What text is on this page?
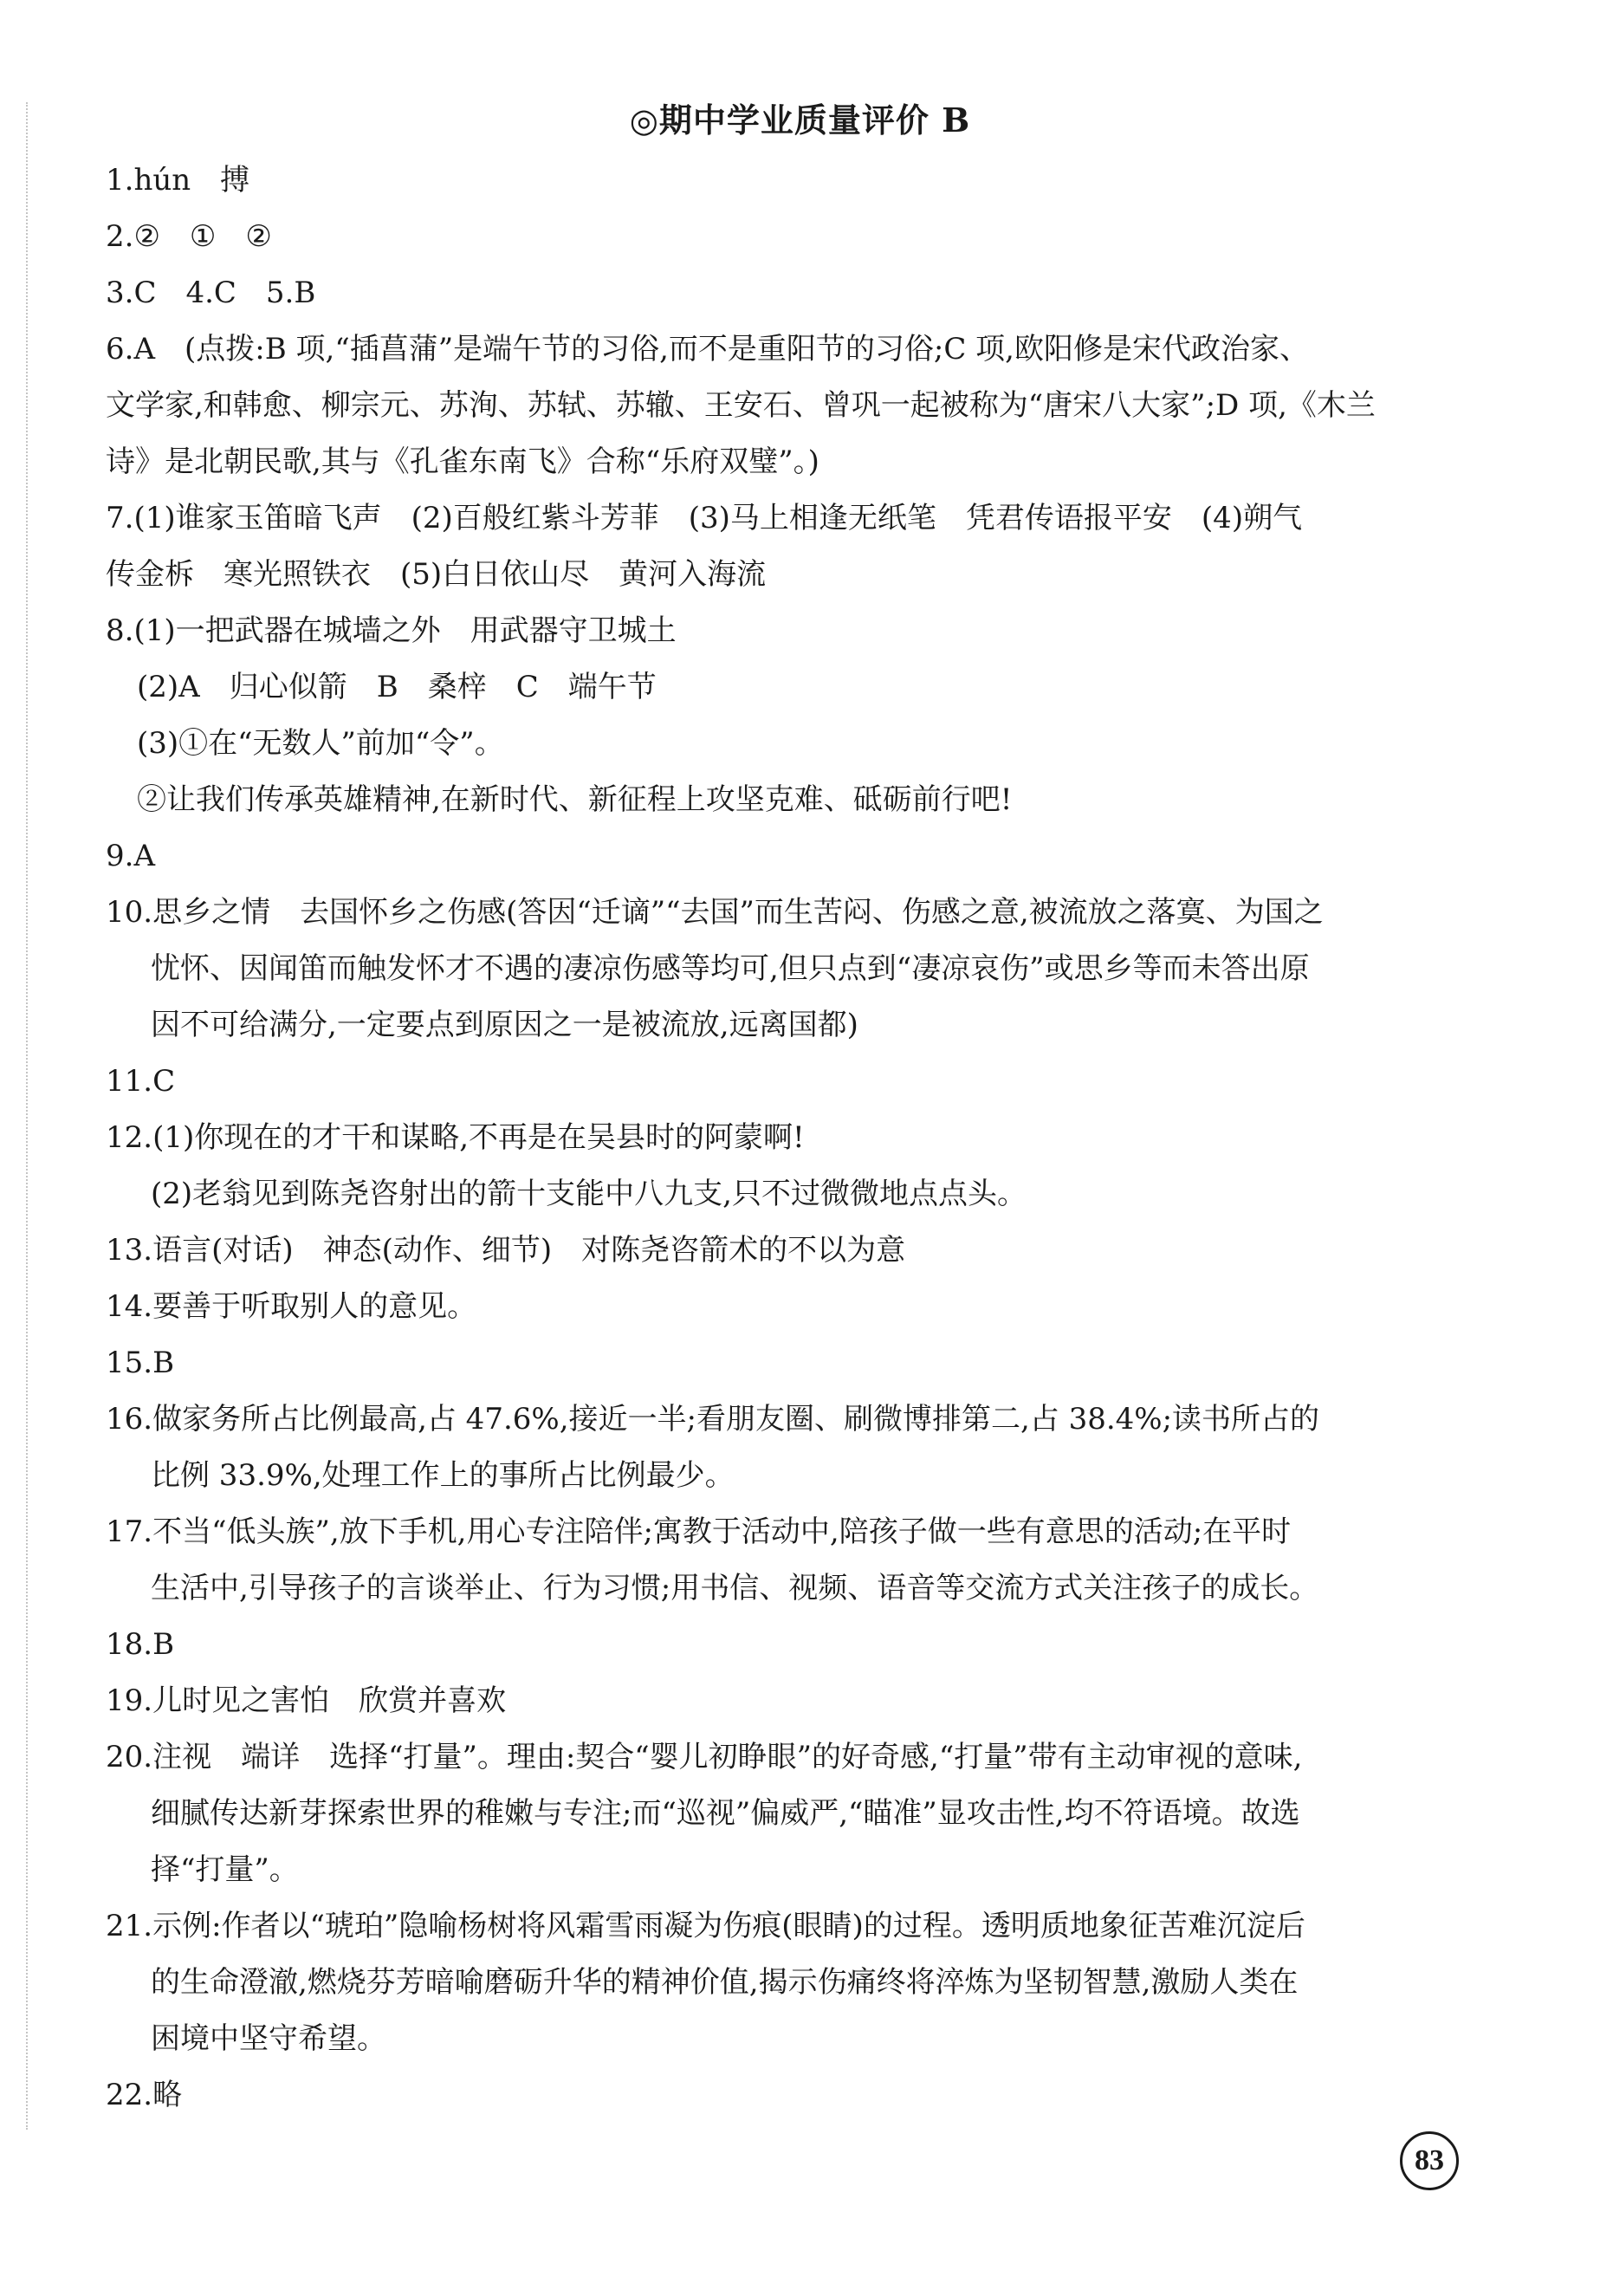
◎期中学业质量评价 B
1.hún　搏
2.②　①　②
3.C　4.C　5.B
6.A　(点拨:B 项,“插菖蒲”是端午节的习俗,而不是重阳节的习俗;C 项,欧阳修是宋代政治家、
文学家,和韩愈、柳宗元、苏洵、苏轼、苏辙、王安石、曾巩一起被称为“唐宋八大家”;D 项,《木兰
诗》是北朝民歌,其与《孔雀东南飞》合称“乐府双璧”。)
7.(1)谁家玉笛暗飞声　(2)百般红紫斗芳菲　(3)马上相逢无纸笔　凭君传语报平安　(4)朔气
传金柝　寒光照铁衣　(5)白日依山尽　黄河入海流
8.(1)一把武器在城墙之外　用武器守卫城土
(2)A　归心似箭　B　桑梓　C　端午节
(3)①在“无数人”前加“令”。
②让我们传承英雄精神,在新时代、新征程上攻坚克难、砥砺前行吧!
9.A
10.思乡之情　去国怀乡之伤感(答因“迁谪”“去国”而生苦闷、伤感之意,被流放之落寞、为国之
忧怀、因闻笛而触发怀才不遇的凄凉伤感等均可,但只点到“凄凉哀伤”或思乡等而未答出原
因不可给满分,一定要点到原因之一是被流放,远离国都)
11.C
12.(1)你现在的才干和谋略,不再是在吴县时的阿蒙啊!
(2)老翁见到陈尧咨射出的箭十支能中八九支,只不过微微地点点头。
13.语言(对话)　神态(动作、细节)　对陈尧咨箭术的不以为意
14.要善于听取别人的意见。
15.B
16.做家务所占比例最高,占 47.6%,接近一半;看朋友圈、刷微博排第二,占 38.4%;读书所占的
比例 33.9%,处理工作上的事所占比例最少。
17.不当“低头族”,放下手机,用心专注陪伴;寓教于活动中,陪孩子做一些有意思的活动;在平时
生活中,引导孩子的言谈举止、行为习惯;用书信、视频、语音等交流方式关注孩子的成长。
18.B
19.儿时见之害怕　欣赏并喜欢
20.注视　端详　选择“打量”。理由:契合“婴儿初睁眼”的好奇感,“打量”带有主动审视的意味,
细腻传达新芽探索世界的稚嫩与专注;而“巡视”偏威严,“瞄准”显攻击性,均不符语境。故选
择“打量”。
21.示例:作者以“琥珀”隐喻杨树将风霜雪雨凝为伤痕(眼睛)的过程。透明质地象征苦难沉淀后
的生命澄澈,燃烧芬芳暗喻磨砺升华的精神价值,揭示伤痛终将淬炼为坚韧智慧,激励人类在
困境中坚守希望。
22.略
83
